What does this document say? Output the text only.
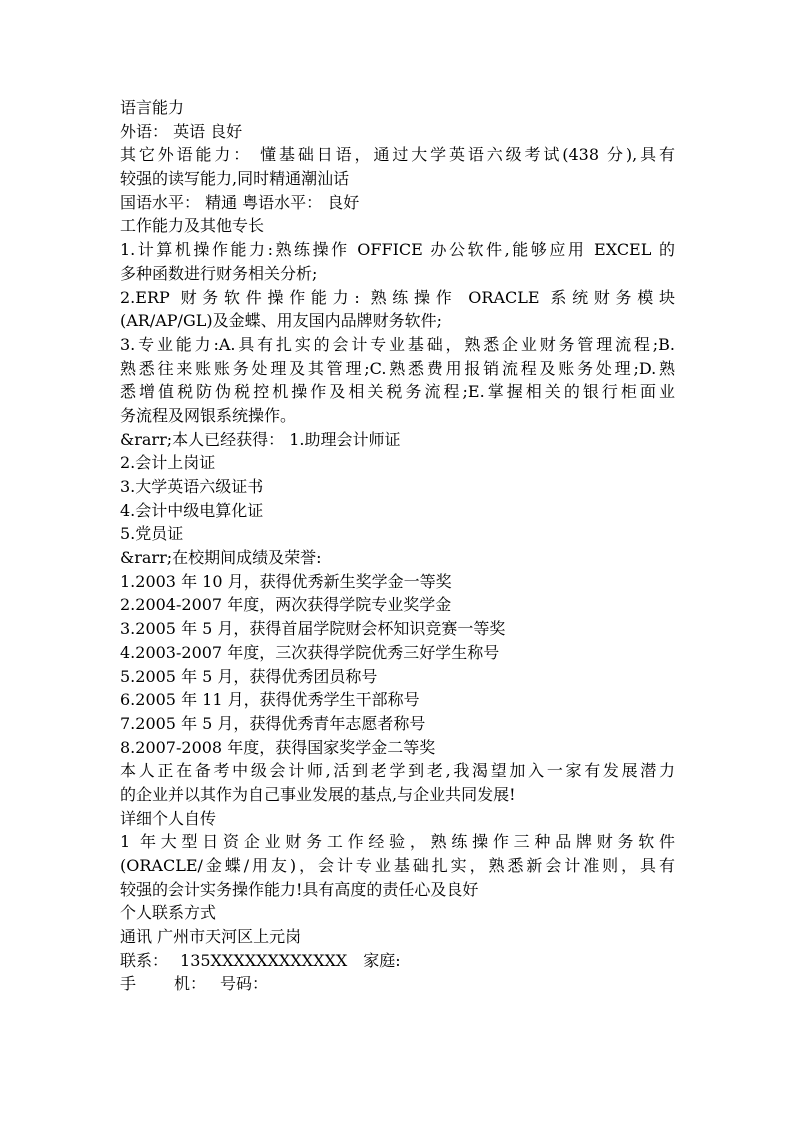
语言能力
外语： 英语 良好
其它外语能力： 懂基础日语，通过大学英语六级考试(438 分),具有
较强的读写能力,同时精通潮汕话
国语水平： 精通 粤语水平： 良好
工作能力及其他专长
1.计算机操作能力:熟练操作 OFFICE 办公软件,能够应用 EXCEL 的
多种函数进行财务相关分析;
2.ERP 财务软件操作能力: 熟练操作 ORACLE 系统财务模块
(AR/AP/GL)及金蝶、用友国内品牌财务软件;
3.专业能力:A.具有扎实的会计专业基础，熟悉企业财务管理流程;B.
熟悉往来账账务处理及其管理;C.熟悉费用报销流程及账务处理;D.熟
悉增值税防伪税控机操作及相关税务流程;E.掌握相关的银行柜面业
务流程及网银系统操作。
&rarr;本人已经获得： 1.助理会计师证
2.会计上岗证
3.大学英语六级证书
4.会计中级电算化证
5.党员证
&rarr;在校期间成绩及荣誉:
1.2003 年 10 月，获得优秀新生奖学金一等奖
2.2004-2007 年度，两次获得学院专业奖学金
3.2005 年 5 月，获得首届学院财会杯知识竞赛一等奖
4.2003-2007 年度，三次获得学院优秀三好学生称号
5.2005 年 5 月，获得优秀团员称号
6.2005 年 11 月，获得优秀学生干部称号
7.2005 年 5 月，获得优秀青年志愿者称号
8.2007-2008 年度，获得国家奖学金二等奖
本人正在备考中级会计师,活到老学到老,我渴望加入一家有发展潜力
的企业并以其作为自己事业发展的基点,与企业共同发展!
详细个人自传
1 年大型日资企业财务工作经验，熟练操作三种品牌财务软件
(ORACLE/金蝶/用友)，会计专业基础扎实，熟悉新会计准则，具有
较强的会计实务操作能力!具有高度的责任心及良好
个人联系方式
通讯 广州市天河区上元岗
联系： 135XXXXXXXXXXXX 家庭:
手 机： 号码：
